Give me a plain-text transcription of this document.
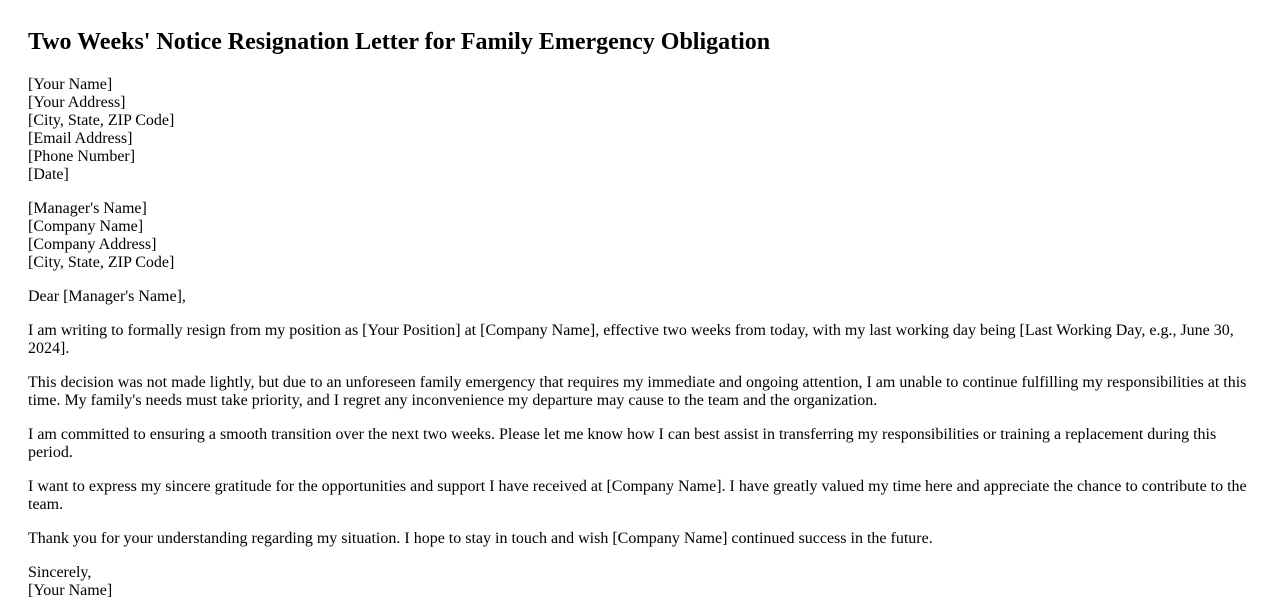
Two Weeks' Notice Resignation Letter for Family Emergency Obligation
[Your Name]
[Your Address]
[City, State, ZIP Code]
[Email Address]
[Phone Number]
[Date]
[Manager's Name]
[Company Name]
[Company Address]
[City, State, ZIP Code]

Dear [Manager's Name],

I am writing to formally resign from my position as [Your Position] at [Company Name], effective two weeks from today, with my last working day being [Last Working Day, e.g., June 30, 2024].

This decision was not made lightly, but due to an unforeseen family emergency that requires my immediate and ongoing attention, I am unable to continue fulfilling my responsibilities at this time. My family's needs must take priority, and I regret any inconvenience my departure may cause to the team and the organization.

I am committed to ensuring a smooth transition over the next two weeks. Please let me know how I can best assist in transferring my responsibilities or training a replacement during this period.

I want to express my sincere gratitude for the opportunities and support I have received at [Company Name]. I have greatly valued my time here and appreciate the chance to contribute to the team.

Thank you for your understanding regarding my situation. I hope to stay in touch and wish [Company Name] continued success in the future.

Sincerely,
[Your Name]
